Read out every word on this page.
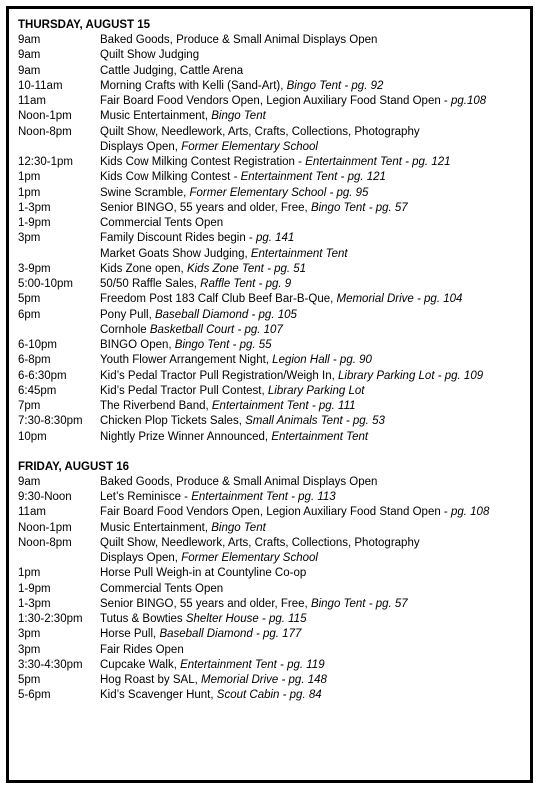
THURSDAY, AUGUST 15
9am	Baked Goods, Produce & Small Animal Displays Open
9am	Quilt Show Judging
9am	Cattle Judging, Cattle Arena
10-11am	Morning Crafts with Kelli (Sand-Art), Bingo Tent - pg. 92
11am	Fair Board Food Vendors Open, Legion Auxiliary Food Stand Open - pg.108
Noon-1pm	Music Entertainment, Bingo Tent
Noon-8pm	Quilt Show, Needlework, Arts, Crafts, Collections, Photography
Displays Open, Former Elementary School
12:30-1pm	Kids Cow Milking Contest Registration - Entertainment Tent - pg. 121
1pm	Kids Cow Milking Contest - Entertainment Tent - pg. 121
1pm	Swine Scramble, Former Elementary School - pg. 95
1-3pm	Senior BINGO, 55 years and older, Free, Bingo Tent - pg. 57
1-9pm	Commercial Tents Open
3pm	Family Discount Rides begin - pg. 141
Market Goats Show Judging, Entertainment Tent
3-9pm	Kids Zone open, Kids Zone Tent - pg. 51
5:00-10pm	50/50 Raffle Sales, Raffle Tent - pg. 9
5pm	Freedom Post 183 Calf Club Beef Bar-B-Que, Memorial Drive - pg. 104
6pm	Pony Pull, Baseball Diamond - pg. 105
Cornhole Basketball Court - pg. 107
6-10pm	BINGO Open, Bingo Tent - pg. 55
6-8pm	Youth Flower Arrangement Night, Legion Hall - pg. 90
6-6:30pm	Kid’s Pedal Tractor Pull Registration/Weigh In, Library Parking Lot - pg. 109
6:45pm	Kid’s Pedal Tractor Pull Contest, Library Parking Lot
7pm	The Riverbend Band, Entertainment Tent - pg. 111
7:30-8:30pm	Chicken Plop Tickets Sales, Small Animals Tent - pg. 53
10pm	Nightly Prize Winner Announced, Entertainment Tent
FRIDAY, AUGUST 16
9am	Baked Goods, Produce & Small Animal Displays Open
9:30-Noon	Let’s Reminisce - Entertainment Tent - pg. 113
11am	Fair Board Food Vendors Open, Legion Auxiliary Food Stand Open - pg. 108
Noon-1pm	Music Entertainment, Bingo Tent
Noon-8pm	Quilt Show, Needlework, Arts, Crafts, Collections, Photography
Displays Open, Former Elementary School
1pm	Horse Pull Weigh-in at Countyline Co-op
1-9pm	Commercial Tents Open
1-3pm	Senior BINGO, 55 years and older, Free, Bingo Tent - pg. 57
1:30-2:30pm	Tutus & Bowties Shelter House - pg. 115
3pm	Horse Pull, Baseball Diamond - pg. 177
3pm	Fair Rides Open
3:30-4:30pm	Cupcake Walk, Entertainment Tent - pg. 119
5pm	Hog Roast by SAL, Memorial Drive - pg. 148
5-6pm	Kid’s Scavenger Hunt, Scout Cabin - pg. 84
